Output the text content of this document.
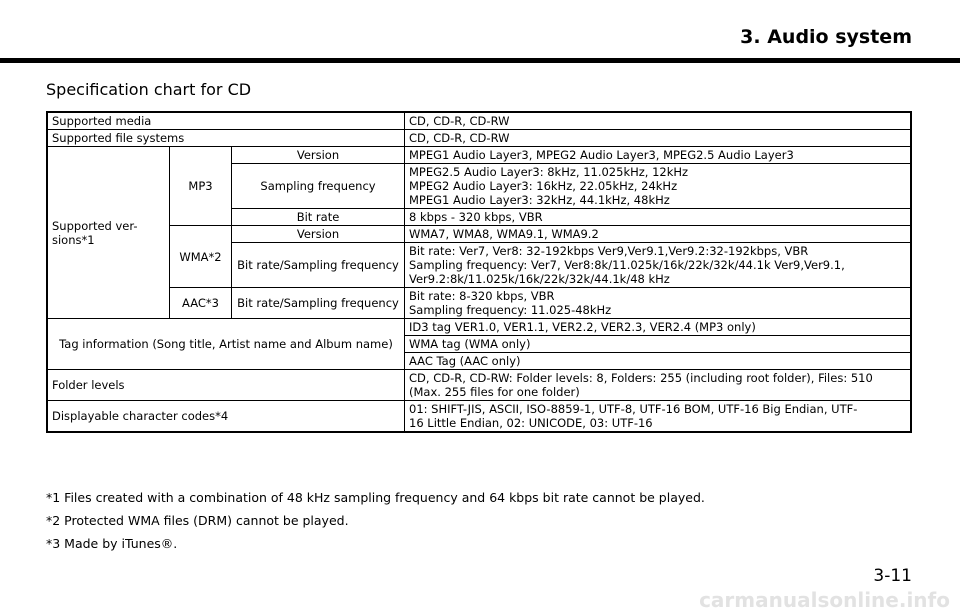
3. Audio system
Specification chart for CD
Supported media			CD, CD-R, CD-RW
Supported file systems			CD, CD-R, CD-RW
Supported ver-
sions*1	MP3	Version	MPEG1 Audio Layer3, MPEG2 Audio Layer3, MPEG2.5 Audio Layer3
		Sampling frequency	MPEG2.5 Audio Layer3: 8kHz, 11.025kHz, 12kHz
MPEG2 Audio Layer3: 16kHz, 22.05kHz, 24kHz
MPEG1 Audio Layer3: 32kHz, 44.1kHz, 48kHz
		Bit rate	8 kbps - 320 kbps, VBR
	WMA*2	Version	WMA7, WMA8, WMA9.1, WMA9.2
		Bit rate/Sampling frequency	Bit rate: Ver7, Ver8: 32-192kbps Ver9,Ver9.1,Ver9.2:32-192kbps, VBR
Sampling frequency: Ver7, Ver8:8k/11.025k/16k/22k/32k/44.1k Ver9,Ver9.1,
Ver9.2:8k/11.025k/16k/22k/32k/44.1k/48 kHz
	AAC*3	Bit rate/Sampling frequency	Bit rate: 8-320 kbps, VBR
Sampling frequency: 11.025-48kHz
Tag information (Song title, Artist name and Album name)			ID3 tag VER1.0, VER1.1, VER2.2, VER2.3, VER2.4 (MP3 only)
			WMA tag (WMA only)
			AAC Tag (AAC only)
Folder levels			CD, CD-R, CD-RW: Folder levels: 8, Folders: 255 (including root folder), Files: 510
(Max. 255 files for one folder)
Displayable character codes*4			01: SHIFT-JIS, ASCII, ISO-8859-1, UTF-8, UTF-16 BOM, UTF-16 Big Endian, UTF-
16 Little Endian, 02: UNICODE, 03: UTF-16

*1 Files created with a combination of 48 kHz sampling frequency and 64 kbps bit rate cannot be played.

*2 Protected WMA files (DRM) cannot be played.

*3 Made by iTunes®.

3-11

carmanualsonline.info
